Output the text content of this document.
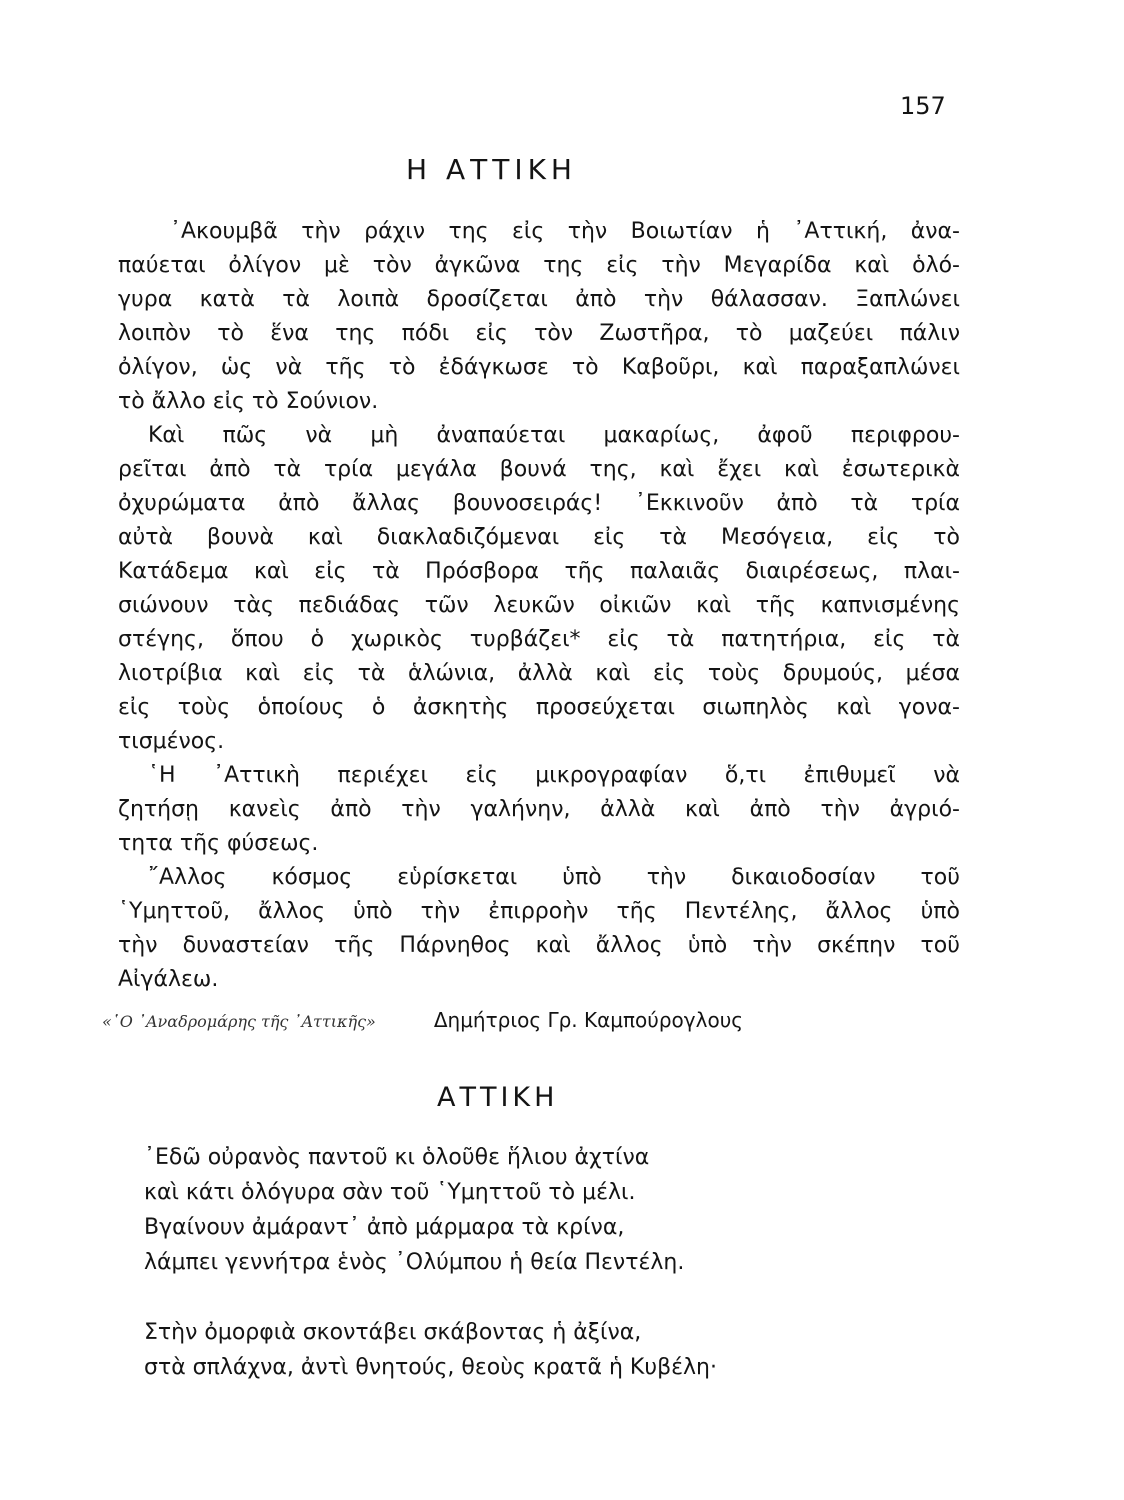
157
Η ΑΤΤΙΚΗ
᾿Ακουμβᾶ τὴν ράχιν της εἰς τὴν Βοιωτίαν ἡ ᾿Αττική, ἀνα-
παύεται ὀλίγον μὲ τὸν ἀγκῶνα της εἰς τὴν Μεγαρίδα καὶ ὁλό-
γυρα κατὰ τὰ λοιπὰ δροσίζεται ἀπὸ τὴν θάλασσαν. Ξαπλώνει
λοιπὸν τὸ ἕνα της πόδι εἰς τὸν Ζωστῆρα, τὸ μαζεύει πάλιν
ὀλίγον, ὡς νὰ τῆς τὸ ἐδάγκωσε τὸ Καβοῦρι, καὶ παραξαπλώνει
τὸ ἄλλο εἰς τὸ Σούνιον.
Καὶ πῶς νὰ μὴ ἀναπαύεται μακαρίως, ἀφοῦ περιφρου-
ρεῖται ἀπὸ τὰ τρία μεγάλα βουνά της, καὶ ἔχει καὶ ἐσωτερικὰ
ὀχυρώματα ἀπὸ ἄλλας βουνοσειράς! ᾿Εκκινοῦν ἀπὸ τὰ τρία
αὐτὰ βουνὰ καὶ διακλαδιζόμεναι εἰς τὰ Μεσόγεια, εἰς τὸ
Κατάδεμα καὶ εἰς τὰ Πρόσβορα τῆς παλαιᾶς διαιρέσεως, πλαι-
σιώνουν τὰς πεδιάδας τῶν λευκῶν οἰκιῶν καὶ τῆς καπνισμένης
στέγης, ὅπου ὁ χωρικὸς τυρβάζει* εἰς τὰ πατητήρια, εἰς τὰ
λιοτρίβια καὶ εἰς τὰ ἁλώνια, ἀλλὰ καὶ εἰς τοὺς δρυμούς, μέσα
εἰς τοὺς ὁποίους ὁ ἀσκητὴς προσεύχεται σιωπηλὸς καὶ γονα-
τισμένος.
῾Η ᾿Αττικὴ περιέχει εἰς μικρογραφίαν ὅ,τι ἐπιθυμεῖ νὰ
ζητήσῃ κανεὶς ἀπὸ τὴν γαλήνην, ἀλλὰ καὶ ἀπὸ τὴν ἀγριό-
τητα τῆς φύσεως.
῎Αλλος κόσμος εὑρίσκεται ὑπὸ τὴν δικαιοδοσίαν τοῦ
῾Υμηττοῦ, ἄλλος ὑπὸ τὴν ἐπιρροὴν τῆς Πεντέλης, ἄλλος ὑπὸ
τὴν δυναστείαν τῆς Πάρνηθος καὶ ἄλλος ὑπὸ τὴν σκέπην τοῦ
Αἰγάλεω.
«῾Ο ᾿Αναδρομάρης τῆς ᾿Αττικῆς»	Δημήτριος Γρ. Καμπούρογλους
ΑΤΤΙΚΗ
᾿Εδῶ οὐρανὸς παντοῦ κι ὁλοῦθε ἥλιου ἀχτίνα
καὶ κάτι ὁλόγυρα σὰν τοῦ ῾Υμηττοῦ τὸ μέλι.
Βγαίνουν ἀμάραντ᾿ ἀπὸ μάρμαρα τὰ κρίνα,
λάμπει γεννήτρα ἑνὸς ᾿Ολύμπου ἡ θεία Πεντέλη.
Στὴν ὀμορφιὰ σκοντάβει σκάβοντας ἡ ἀξίνα,
στὰ σπλάχνα, ἀντὶ θνητούς, θεοὺς κρατᾶ ἡ Κυβέλη·
